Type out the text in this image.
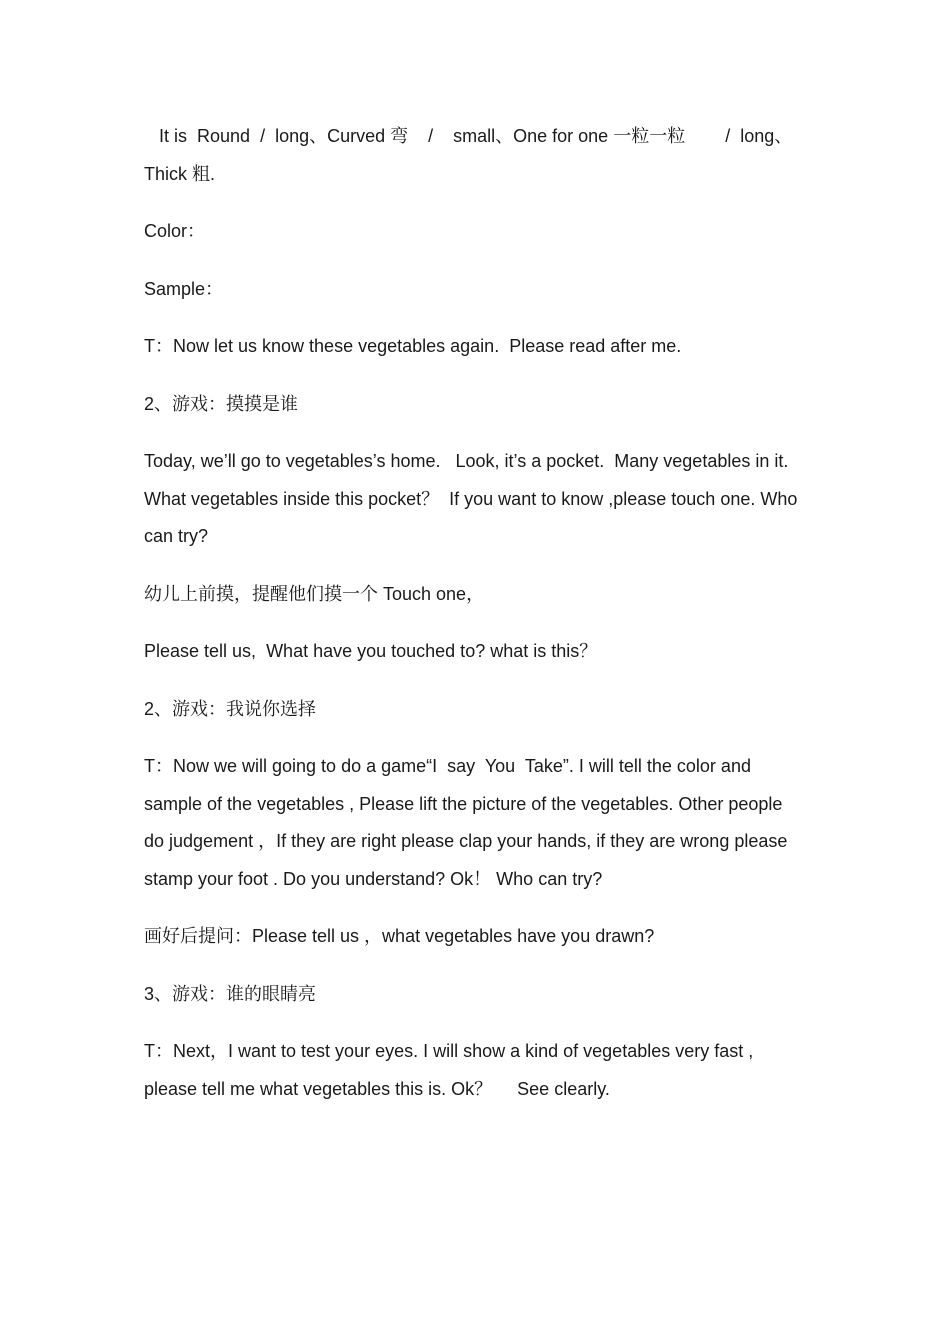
It is  Round  /  long、Curved 弯    /    small、One for one 一粒一粒        /  long、Thick 粗.

Color：

Sample：

T：Now let us know these vegetables again.  Please read after me.

2、游戏：摸摸是谁

Today, we’ll go to vegetables’s home.   Look, it’s a pocket.  Many vegetables in it.  What vegetables inside this pocket？  If you want to know ,please touch one. Who can try?

幼儿上前摸，提醒他们摸一个 Touch one，

Please tell us,  What have you touched to? what is this？

2、游戏：我说你选择

T：Now we will going to do a game“I  say  You  Take”. I will tell the color and sample of the vegetables , Please lift the picture of the vegetables. Other people do judgement ，If they are right please clap your hands, if they are wrong please stamp your foot . Do you understand? Ok！ Who can try?

画好后提问：Please tell us ，what vegetables have you drawn?

3、游戏：谁的眼睛亮

T：Next，I want to test your eyes. I will show a kind of vegetables very fast , please tell me what vegetables this is. Ok？     See clearly.
